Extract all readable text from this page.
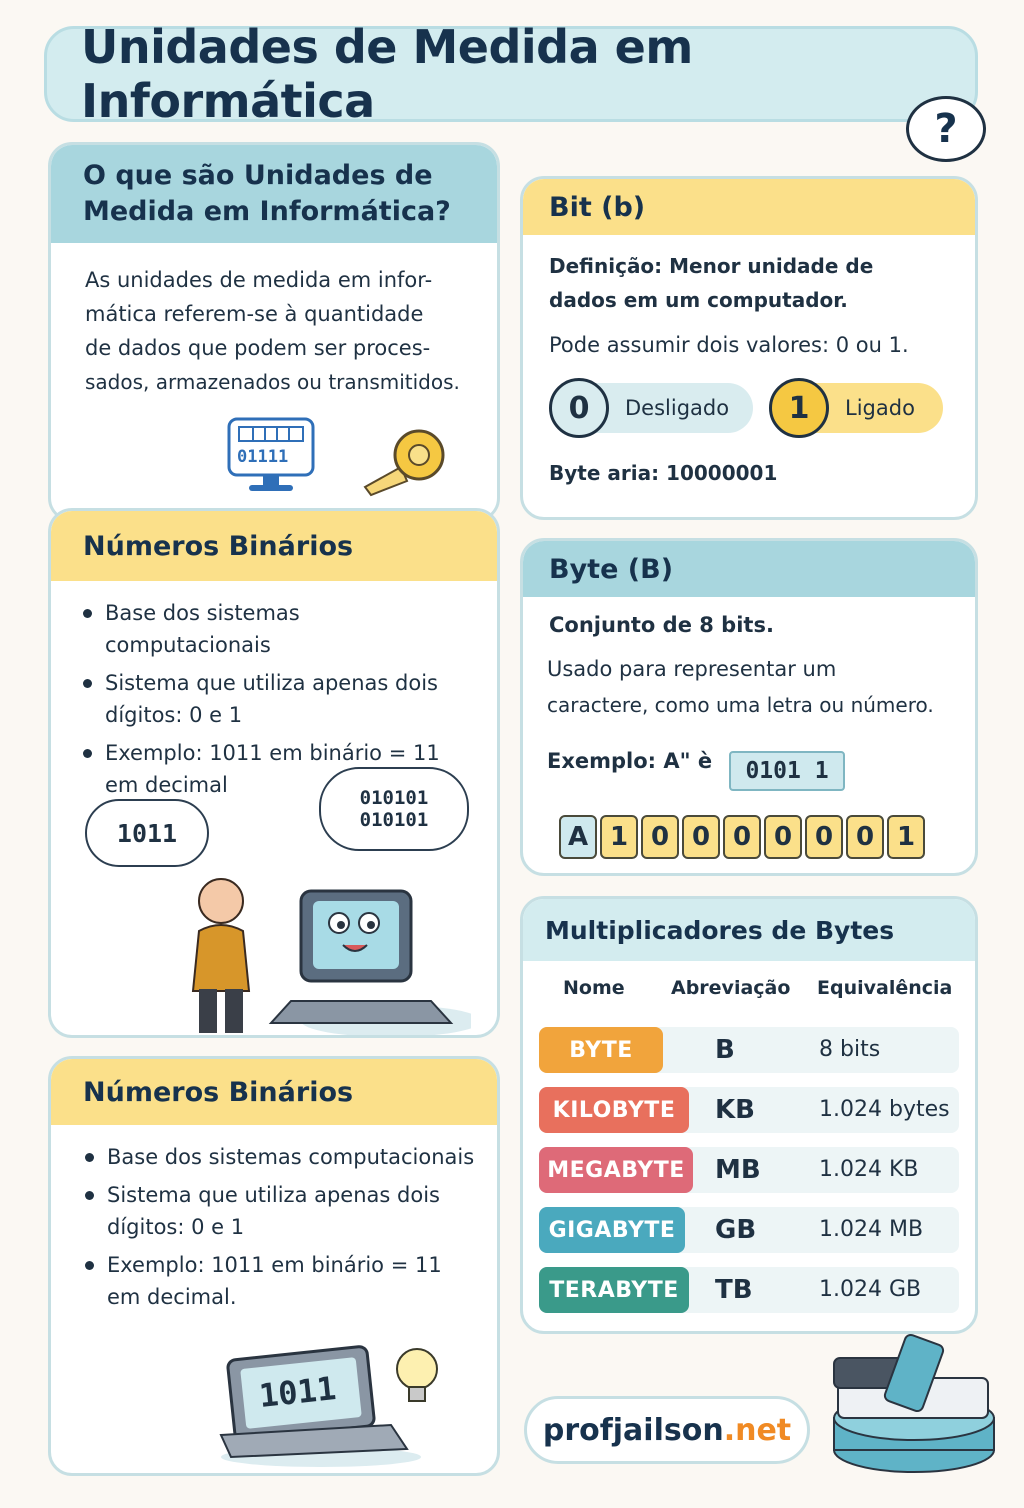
Unidades de Medida em Informática
?
O que são Unidades de
Medida em Informática?
As unidades de medida em infor-
mática referem-se à quantidade
de dados que podem ser proces-
sados, armazenados ou transmitidos.
01111
Números Binários
Base dos sistemas computacionais
Sistema que utiliza apenas dois dígitos: 0 e 1
Exemplo: 1011 em binário = 11 em decimal
1011
010101
010101
Números Binários
Base dos sistemas computacionais
Sistema que utiliza apenas dois dígitos: 0 e 1
Exemplo: 1011 em binário = 11 em decimal.
1011
Bit (b)
Definição: Menor unidade de
dados em um computador.
Pode assumir dois valores: 0 ou 1.
0	Desligado	1	Ligado
Byte aria: 10000001
Byte (B)
Conjunto de 8 bits.
Usado para representar um
caractere, como uma letra ou número.
Exemplo: A" è	0101 1
A 1 0 0 0 0 0 0 1
Multiplicadores de Bytes
Nome Abreviação Equivalência
BYTE	B	8 bits
KILOBYTE	KB	1.024 bytes
MEGABYTE	MB	1.024 KB
GIGABYTE	GB	1.024 MB
TERABYTE	TB	1.024 GB
profjailson .net
